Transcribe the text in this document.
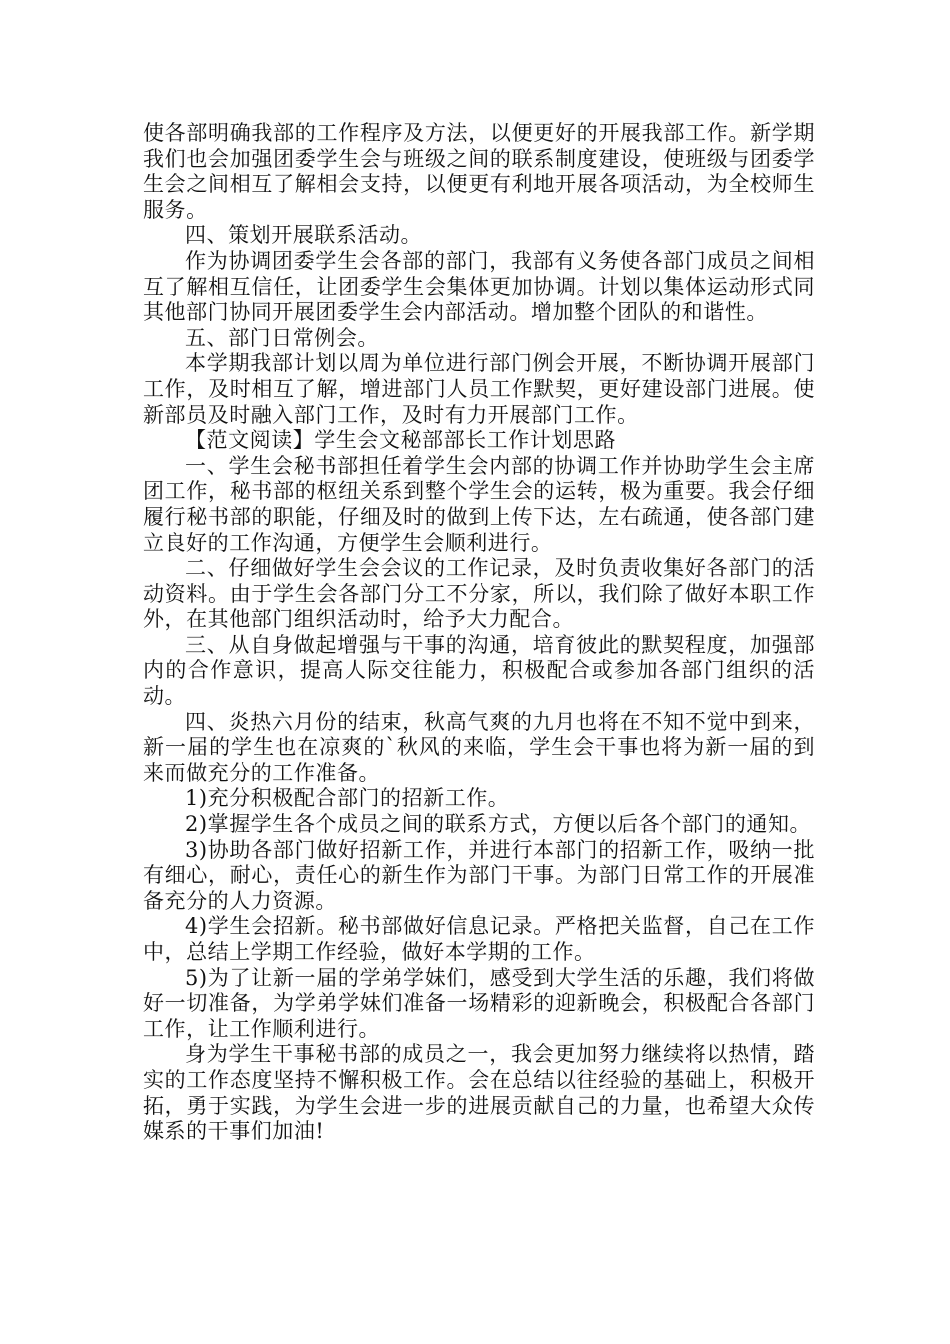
使各部明确我部的工作程序及方法，以便更好的开展我部工作。新学期我们也会加强团委学生会与班级之间的联系制度建设，使班级与团委学生会之间相互了解相会支持，以便更有利地开展各项活动，为全校师生服务。

四、策划开展联系活动。

作为协调团委学生会各部的部门，我部有义务使各部门成员之间相互了解相互信任，让团委学生会集体更加协调。计划以集体运动形式同其他部门协同开展团委学生会内部活动。增加整个团队的和谐性。

五、部门日常例会。

本学期我部计划以周为单位进行部门例会开展，不断协调开展部门工作，及时相互了解，增进部门人员工作默契，更好建设部门进展。使新部员及时融入部门工作，及时有力开展部门工作。

【范文阅读】学生会文秘部部长工作计划思路

一、学生会秘书部担任着学生会内部的协调工作并协助学生会主席团工作，秘书部的枢纽关系到整个学生会的运转，极为重要。我会仔细履行秘书部的职能，仔细及时的做到上传下达，左右疏通，使各部门建立良好的工作沟通，方便学生会顺利进行。

二、仔细做好学生会会议的工作记录，及时负责收集好各部门的活动资料。由于学生会各部门分工不分家，所以，我们除了做好本职工作外，在其他部门组织活动时，给予大力配合。

三、从自身做起增强与干事的沟通，培育彼此的默契程度，加强部内的合作意识，提高人际交往能力，积极配合或参加各部门组织的活动。

四、炎热六月份的结束，秋高气爽的九月也将在不知不觉中到来，新一届的学生也在凉爽的`秋风的来临，学生会干事也将为新一届的到来而做充分的工作准备。

1)充分积极配合部门的招新工作。

2)掌握学生各个成员之间的联系方式，方便以后各个部门的通知。

3)协助各部门做好招新工作，并进行本部门的招新工作，吸纳一批有细心，耐心，责任心的新生作为部门干事。为部门日常工作的开展准备充分的人力资源。

4)学生会招新。秘书部做好信息记录。严格把关监督，自己在工作中，总结上学期工作经验，做好本学期的工作。

5)为了让新一届的学弟学妹们，感受到大学生活的乐趣，我们将做好一切准备，为学弟学妹们准备一场精彩的迎新晚会，积极配合各部门工作，让工作顺利进行。

身为学生干事秘书部的成员之一，我会更加努力继续将以热情，踏实的工作态度坚持不懈积极工作。会在总结以往经验的基础上，积极开拓，勇于实践，为学生会进一步的进展贡献自己的力量，也希望大众传媒系的干事们加油!
